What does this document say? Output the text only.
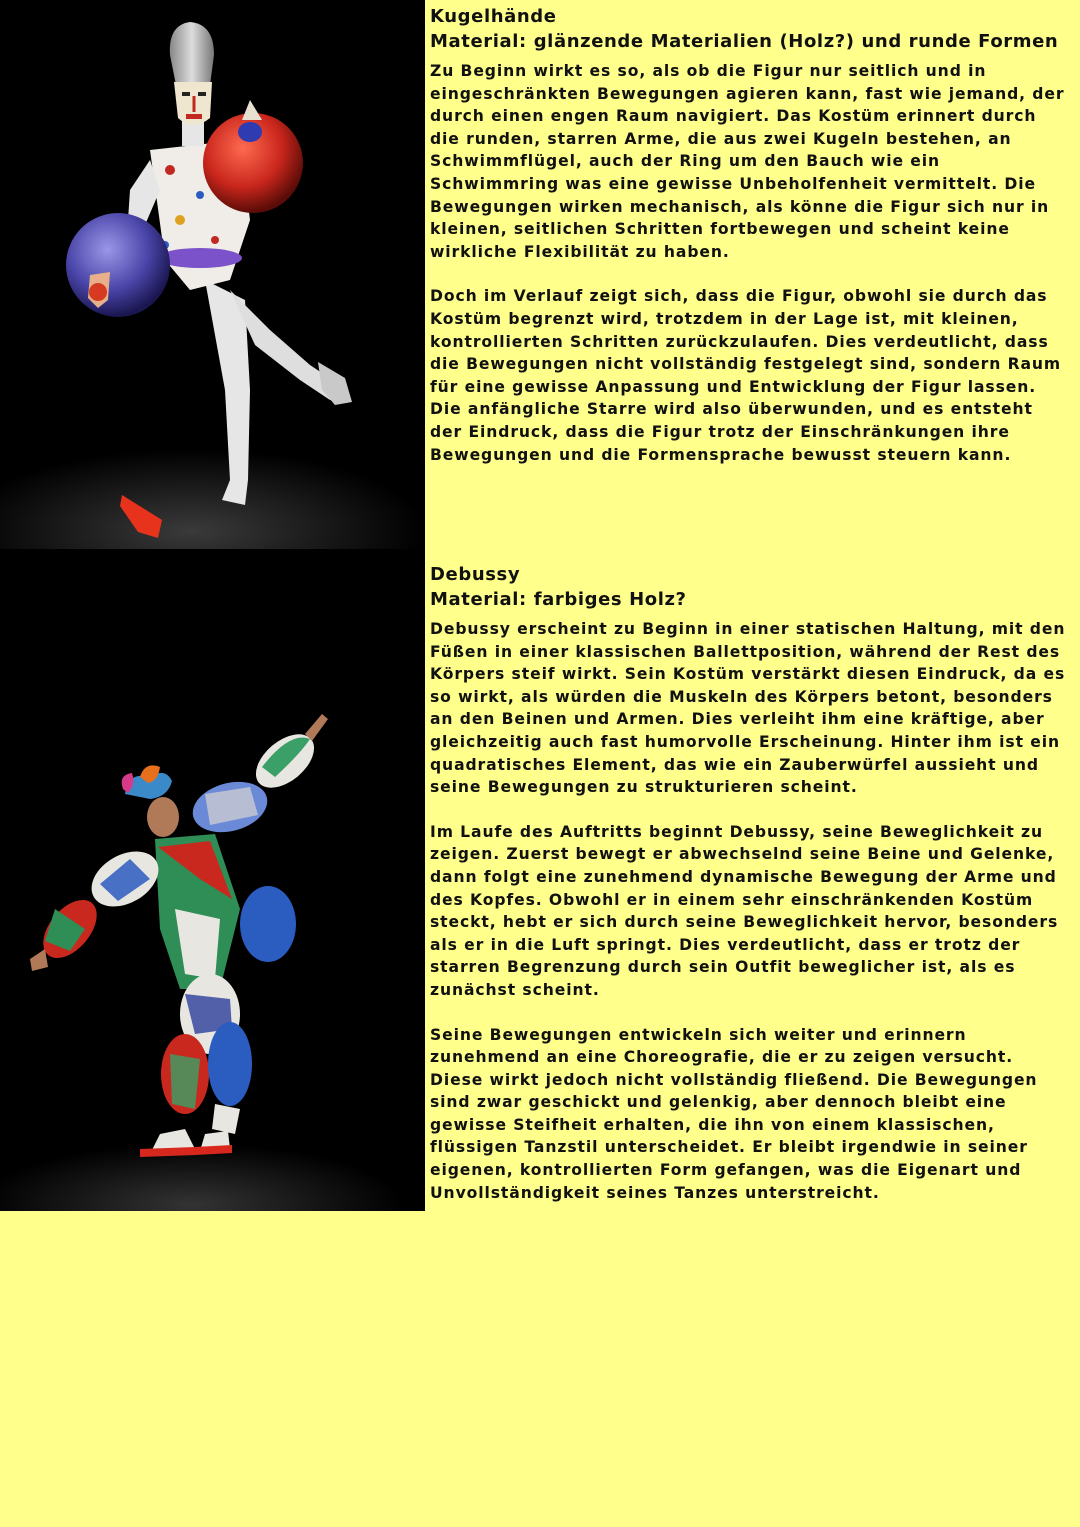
Kugelhände

Material: glänzende Materialien (Holz?) und runde Formen

Zu Beginn wirkt es so, als ob die Figur nur seitlich und in eingeschränkten Bewegungen agieren kann, fast wie jemand, der durch einen engen Raum navigiert. Das Kostüm erinnert durch die runden, starren Arme, die aus zwei Kugeln bestehen, an Schwimmflügel, auch der Ring um den Bauch wie ein Schwimmring was eine gewisse Unbeholfenheit vermittelt. Die Bewegungen wirken mechanisch, als könne die Figur sich nur in kleinen, seitlichen Schritten fortbewegen und scheint keine wirkliche Flexibilität zu haben.

Doch im Verlauf zeigt sich, dass die Figur, obwohl sie durch das Kostüm begrenzt wird, trotzdem in der Lage ist, mit kleinen, kontrollierten Schritten zurückzulaufen. Dies verdeutlicht, dass die Bewegungen nicht vollständig festgelegt sind, sondern Raum für eine gewisse Anpassung und Entwicklung der Figur lassen. Die anfängliche Starre wird also überwunden, und es entsteht der Eindruck, dass die Figur trotz der Einschränkungen ihre Bewegungen und die Formensprache bewusst steuern kann.

Debussy

Material: farbiges Holz?

Debussy erscheint zu Beginn in einer statischen Haltung, mit den Füßen in einer klassischen Ballettposition, während der Rest des Körpers steif wirkt. Sein Kostüm verstärkt diesen Eindruck, da es so wirkt, als würden die Muskeln des Körpers betont, besonders an den Beinen und Armen. Dies verleiht ihm eine kräftige, aber gleichzeitig auch fast humorvolle Erscheinung. Hinter ihm ist ein quadratisches Element, das wie ein Zauberwürfel aussieht und seine Bewegungen zu strukturieren scheint.

Im Laufe des Auftritts beginnt Debussy, seine Beweglichkeit zu zeigen. Zuerst bewegt er abwechselnd seine Beine und Gelenke, dann folgt eine zunehmend dynamische Bewegung der Arme und des Kopfes. Obwohl er in einem sehr einschränkenden Kostüm steckt, hebt er sich durch seine Beweglichkeit hervor, besonders als er in die Luft springt. Dies verdeutlicht, dass er trotz der starren Begrenzung durch sein Outfit beweglicher ist, als es zunächst scheint.

Seine Bewegungen entwickeln sich weiter und erinnern zunehmend an eine Choreografie, die er zu zeigen versucht. Diese wirkt jedoch nicht vollständig fließend. Die Bewegungen sind zwar geschickt und gelenkig, aber dennoch bleibt eine gewisse Steifheit erhalten, die ihn von einem klassischen, flüssigen Tanzstil unterscheidet. Er bleibt irgendwie in seiner eigenen, kontrollierten Form gefangen, was die Eigenart und Unvollständigkeit seines Tanzes unterstreicht.
